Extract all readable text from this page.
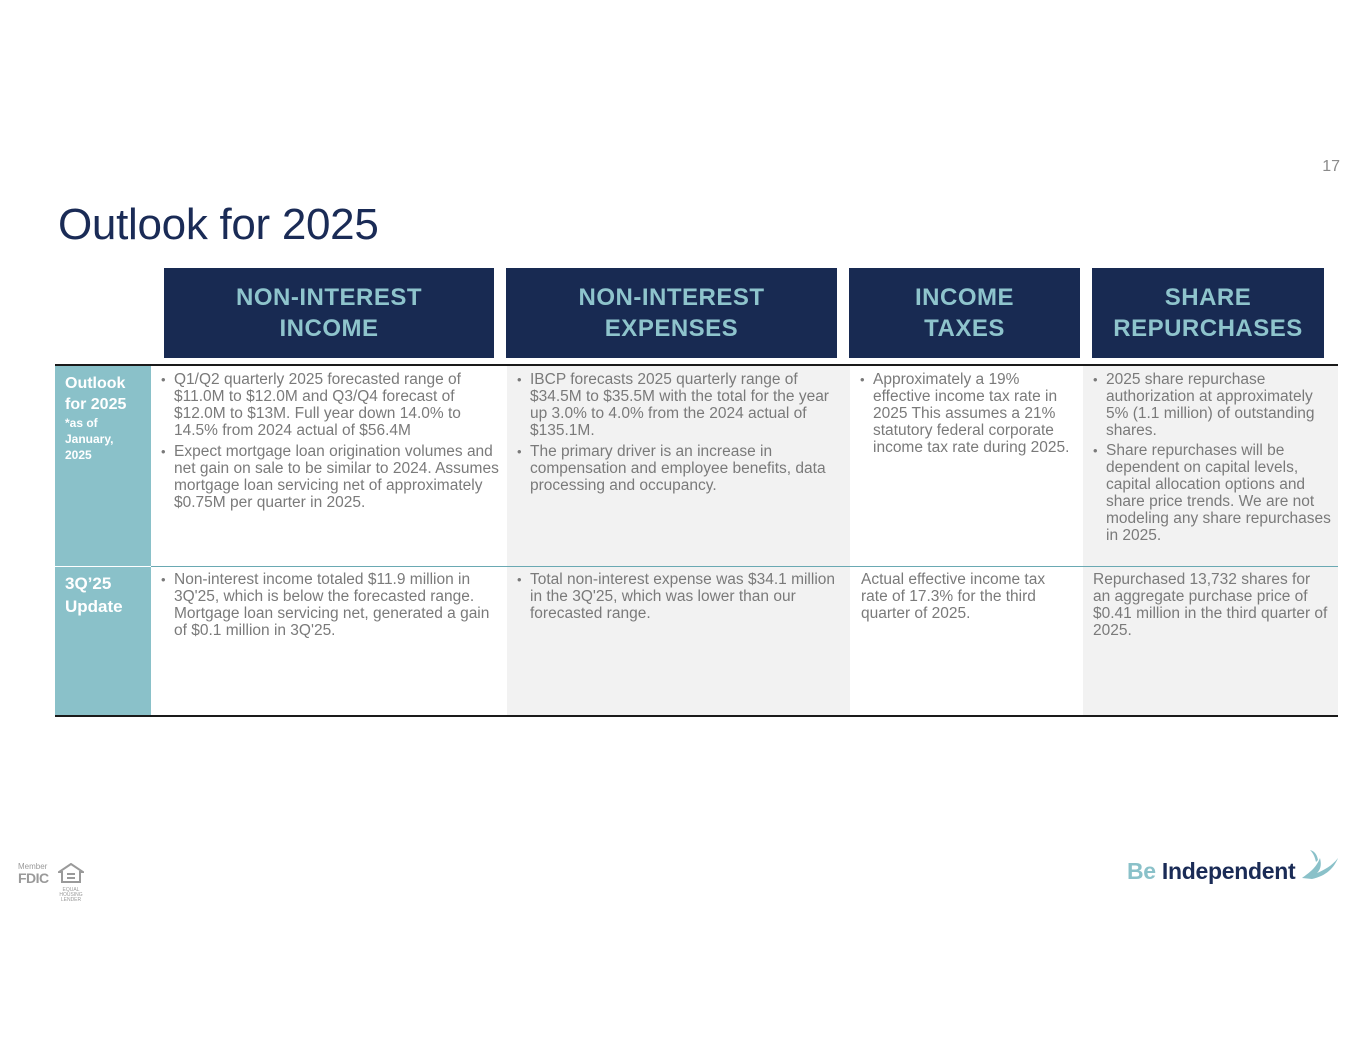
17
Outlook for 2025
NON-INTEREST
INCOME
NON-INTEREST
EXPENSES
INCOME
TAXES
SHARE
REPURCHASES
Outlook
for 2025
*as of
January,
2025
3Q’25
Update
• Q1/Q2 quarterly 2025 forecasted range of $11.0M to $12.0M and Q3/Q4 forecast of $12.0M to $13M. Full year down 14.0% to 14.5% from 2024 actual of $56.4M
• Expect mortgage loan origination volumes and net gain on sale to be similar to 2024. Assumes mortgage loan servicing net of approximately $0.75M per quarter in 2025.
• IBCP forecasts 2025 quarterly range of $34.5M to $35.5M with the total for the year up 3.0% to 4.0% from the 2024 actual of $135.1M.
• The primary driver is an increase in compensation and employee benefits, data processing and occupancy.
• Approximately a 19% effective income tax rate in 2025 This assumes a 21% statutory federal corporate income tax rate during 2025.
• 2025 share repurchase authorization at approximately 5% (1.1 million) of outstanding shares.
• Share repurchases will be dependent on capital levels, capital allocation options and share price trends. We are not modeling any share repurchases in 2025.
• Non-interest income totaled $11.9 million in 3Q'25, which is below the forecasted range. Mortgage loan servicing net, generated a gain of $0.1 million in 3Q'25.
• Total non-interest expense was $34.1 million in the 3Q'25, which was lower than our forecasted range.

Actual effective income tax rate of 17.3% for the third quarter of 2025.

Repurchased 13,732 shares for an aggregate purchase price of $0.41 million in the third quarter of 2025.

Member
FDIC
EQUAL HOUSING LENDER
Be Independent
